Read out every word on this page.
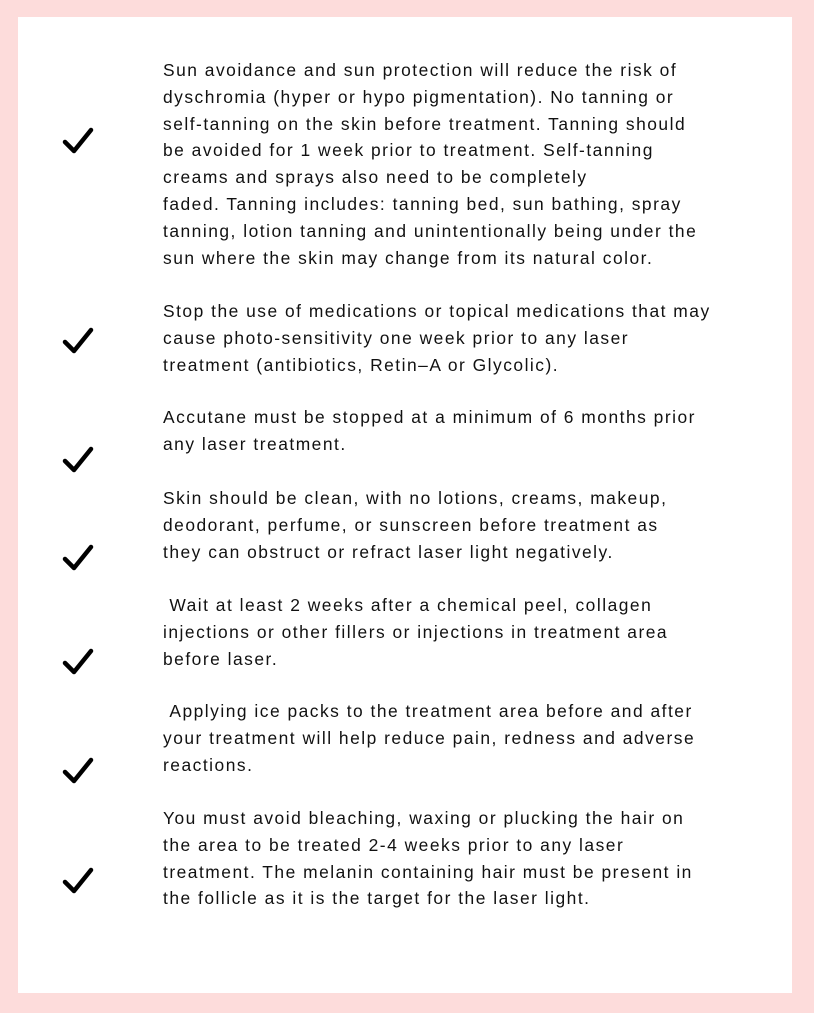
Sun avoidance and sun protection will reduce the risk of
dyschromia (hyper or hypo pigmentation). No tanning or
self-tanning on the skin before treatment. Tanning should
be avoided for 1 week prior to treatment. Self-tanning
creams and sprays also need to be completely
faded. Tanning includes: tanning bed, sun bathing, spray
tanning, lotion tanning and unintentionally being under the
sun where the skin may change from its natural color.

Stop the use of medications or topical medications that may
cause photo-sensitivity one week prior to any laser
treatment (antibiotics, Retin–A or Glycolic).

Accutane must be stopped at a minimum of 6 months prior
any laser treatment.

Skin should be clean, with no lotions, creams, makeup,
deodorant, perfume, or sunscreen before treatment as
they can obstruct or refract laser light negatively.

Wait at least 2 weeks after a chemical peel, collagen
injections or other fillers or injections in treatment area
before laser.

Applying ice packs to the treatment area before and after
your treatment will help reduce pain, redness and adverse
reactions.

You must avoid bleaching, waxing or plucking the hair on
the area to be treated 2-4 weeks prior to any laser
treatment. The melanin containing hair must be present in
the follicle as it is the target for the laser light.
